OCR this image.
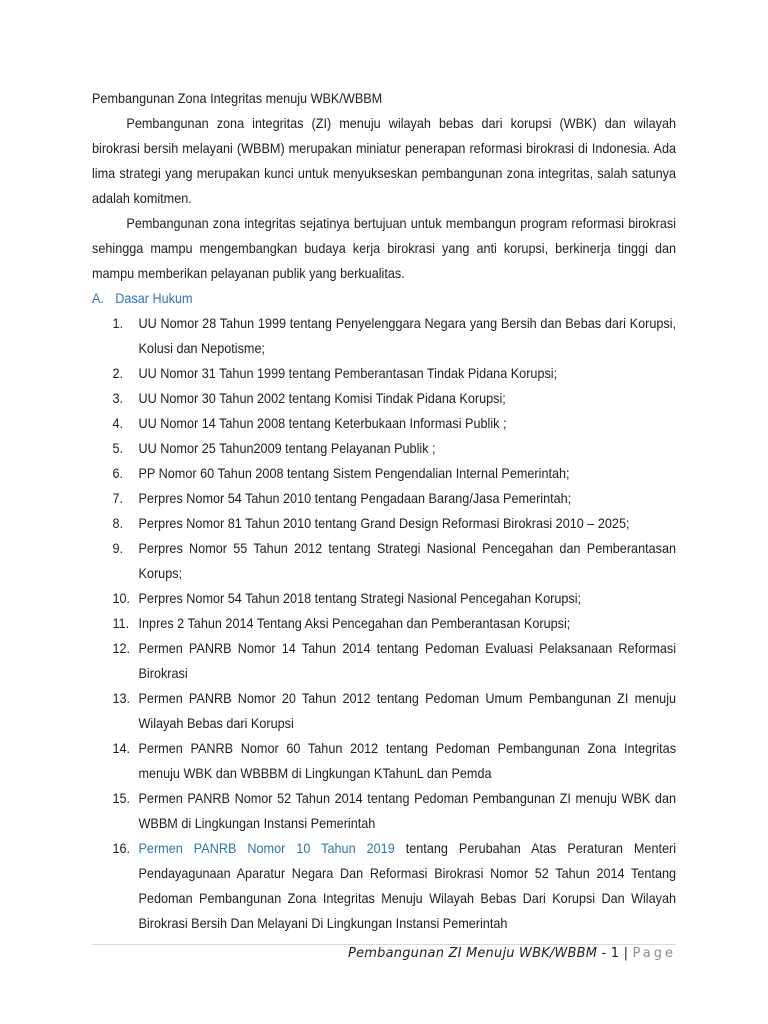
Pembangunan Zona Integritas menuju WBK/WBBM

Pembangunan zona integritas (ZI) menuju wilayah bebas dari korupsi (WBK) dan wilayah birokrasi bersih melayani (WBBM) merupakan miniatur penerapan reformasi birokrasi di Indonesia. Ada lima strategi yang merupakan kunci untuk menyukseskan pembangunan zona integritas, salah satunya adalah komitmen.

Pembangunan zona integritas sejatinya bertujuan untuk membangun program reformasi birokrasi sehingga mampu mengembangkan budaya kerja birokrasi yang anti korupsi, berkinerja tinggi dan mampu memberikan pelayanan publik yang berkualitas.

A. Dasar Hukum

1. UU Nomor 28 Tahun 1999 tentang Penyelenggara Negara yang Bersih dan Bebas dari Korupsi, Kolusi dan Nepotisme;
2. UU Nomor 31 Tahun 1999 tentang Pemberantasan Tindak Pidana Korupsi;
3. UU Nomor 30 Tahun 2002 tentang Komisi Tindak Pidana Korupsi;
4. UU Nomor 14 Tahun 2008 tentang Keterbukaan Informasi Publik ;
5. UU Nomor 25 Tahun2009 tentang Pelayanan Publik ;
6. PP Nomor 60 Tahun 2008 tentang Sistem Pengendalian Internal Pemerintah;
7. Perpres Nomor 54 Tahun 2010 tentang Pengadaan Barang/Jasa Pemerintah;
8. Perpres Nomor 81 Tahun 2010 tentang Grand Design Reformasi Birokrasi 2010 – 2025;
9. Perpres Nomor 55 Tahun 2012 tentang Strategi Nasional Pencegahan dan Pemberantasan Korups;
10. Perpres Nomor 54 Tahun 2018 tentang Strategi Nasional Pencegahan Korupsi;
11. Inpres 2 Tahun 2014 Tentang Aksi Pencegahan dan Pemberantasan Korupsi;
12. Permen PANRB Nomor 14 Tahun 2014 tentang Pedoman Evaluasi Pelaksanaan Reformasi Birokrasi
13. Permen PANRB Nomor 20 Tahun 2012 tentang Pedoman Umum Pembangunan ZI menuju Wilayah Bebas dari Korupsi
14. Permen PANRB Nomor 60 Tahun 2012 tentang Pedoman Pembangunan Zona Integritas menuju WBK dan WBBBM di Lingkungan KTahunL dan Pemda
15. Permen PANRB Nomor 52 Tahun 2014 tentang Pedoman Pembangunan ZI menuju WBK dan WBBM di Lingkungan Instansi Pemerintah
16. Permen PANRB Nomor 10 Tahun 2019 tentang Perubahan Atas Peraturan Menteri Pendayagunaan Aparatur Negara Dan Reformasi Birokrasi Nomor 52 Tahun 2014 Tentang Pedoman Pembangunan Zona Integritas Menuju Wilayah Bebas Dari Korupsi Dan Wilayah Birokrasi Bersih Dan Melayani Di Lingkungan Instansi Pemerintah
Pembangunan ZI Menuju WBK/WBBM - 1 | Page
